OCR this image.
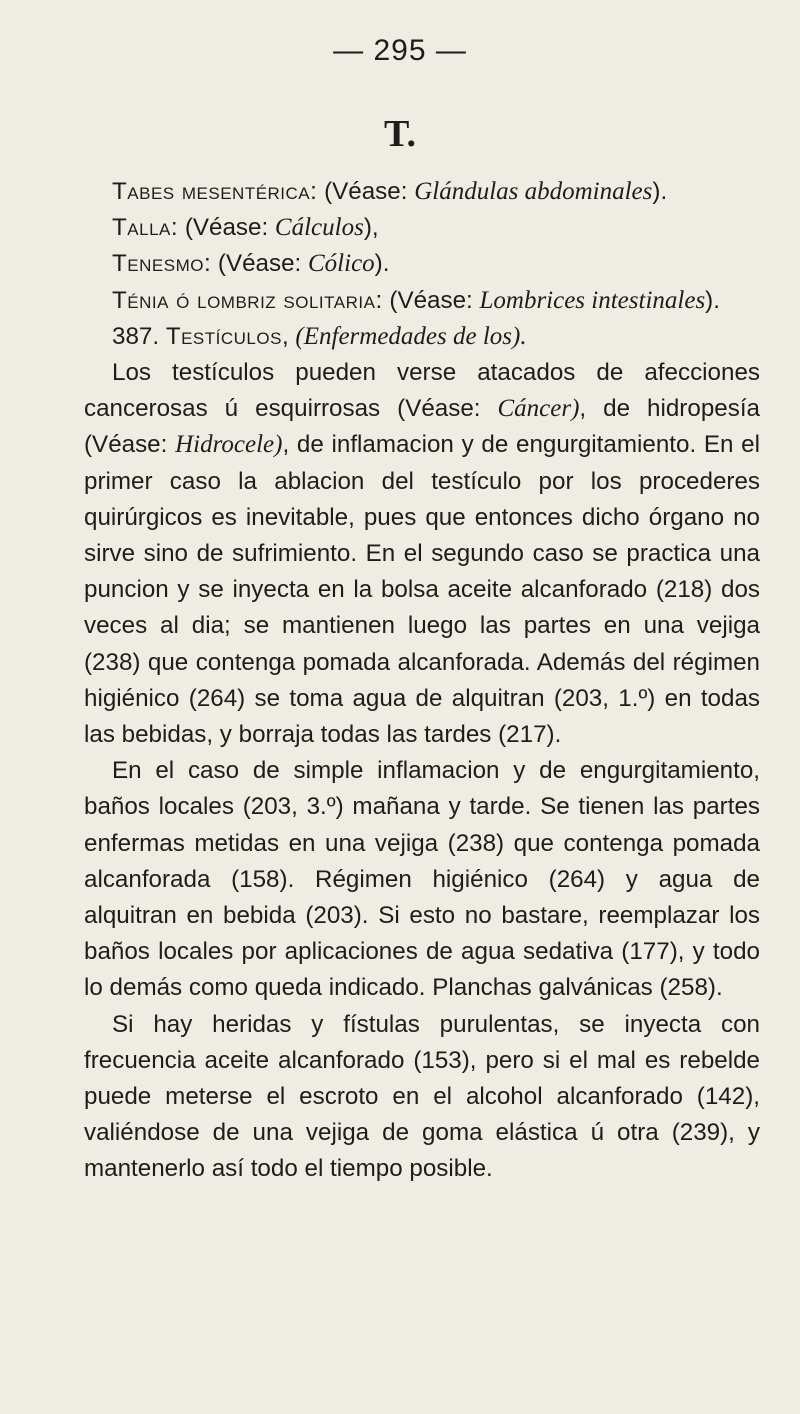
— 295 —
T.

Tabes mesentérica: (Véase: Glándulas abdominales).

Talla: (Véase: Cálculos),

Tenesmo: (Véase: Cólico).

Ténia ó lombriz solitaria: (Véase: Lombrices intestinales).

387. Testículos, (Enfermedades de los).

Los testículos pueden verse atacados de afecciones cancerosas ú esquirrosas (Véase: Cáncer), de hidropesía (Véase: Hidrocele), de inflamacion y de engurgitamiento. En el primer caso la ablacion del testículo por los procederes quirúrgicos es inevitable, pues que entonces dicho órgano no sirve sino de sufrimiento. En el segundo caso se practica una puncion y se inyecta en la bolsa aceite alcanforado (218) dos veces al dia; se mantienen luego las partes en una vejiga (238) que contenga pomada alcanforada. Además del régimen higiénico (264) se toma agua de alquitran (203, 1.º) en todas las bebidas, y borraja todas las tardes (217).

En el caso de simple inflamacion y de engurgitamiento, baños locales (203, 3.º) mañana y tarde. Se tienen las partes enfermas metidas en una vejiga (238) que contenga pomada alcanforada (158). Régimen higiénico (264) y agua de alquitran en bebida (203). Si esto no bastare, reemplazar los baños locales por aplicaciones de agua sedativa (177), y todo lo demás como queda indicado. Planchas galvánicas (258).

Si hay heridas y fístulas purulentas, se inyecta con frecuencia aceite alcanforado (153), pero si el mal es rebelde puede meterse el escroto en el alcohol alcanforado (142), valiéndose de una vejiga de goma elástica ú otra (239), y mantenerlo así todo el tiempo posible.
